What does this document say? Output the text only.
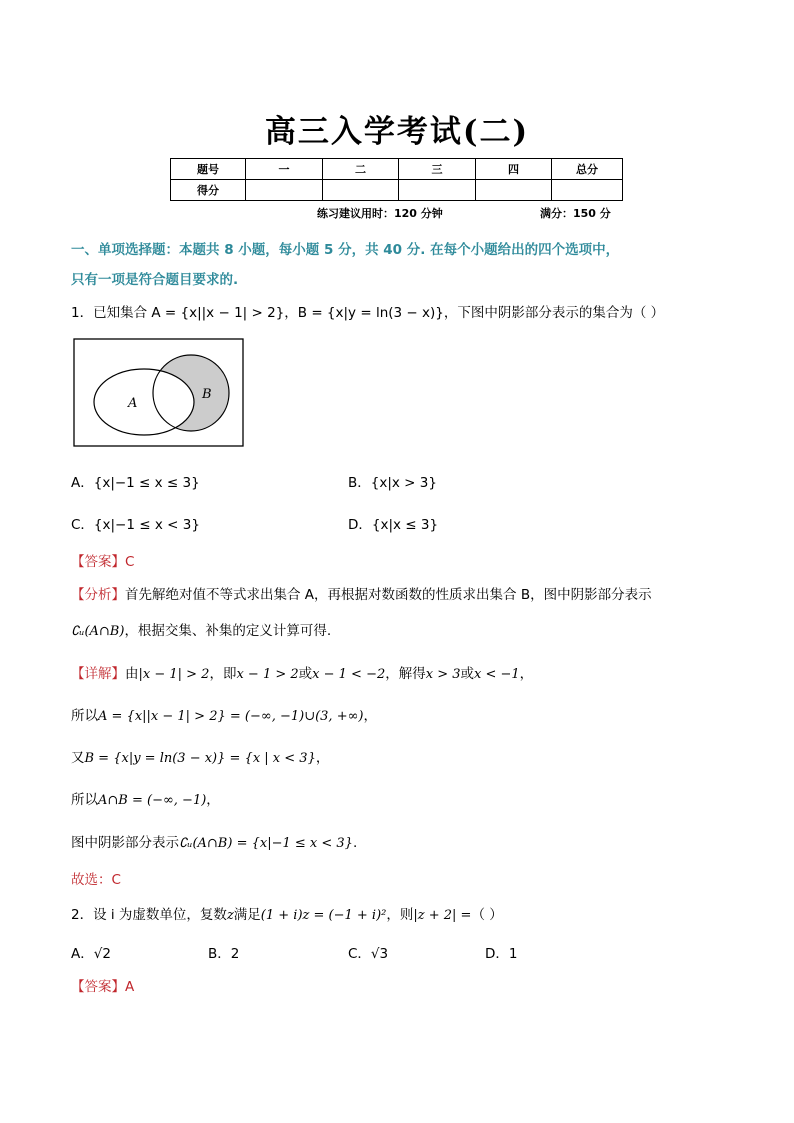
高三入学考试(二)
题号	一	二	三	四	总分
得分					
练习建议用时：120 分钟	满分：150 分
一、单项选择题：本题共 8 小题，每小题 5 分，共 40 分. 在每个小题给出的四个选项中，
只有一项是符合题目要求的.
1．已知集合 A = {x||x − 1| > 2}，B = {x|y = ln(3 − x)}，下图中阴影部分表示的集合为（ ）
A
B
A．{x|−1 ≤ x ≤ 3}	B．{x|x > 3}
C．{x|−1 ≤ x < 3}	D．{x|x ≤ 3}
【答案】C
【分析】首先解绝对值不等式求出集合 A，再根据对数函数的性质求出集合 B，图中阴影部分表示
∁ᵤ(A∩B)，根据交集、补集的定义计算可得.
【详解】由|x − 1| > 2，即x − 1 > 2或x − 1 < −2，解得x > 3或x < −1，
所以A = {x||x − 1| > 2} = (−∞, −1)∪(3, +∞)，
又B = {x|y = ln(3 − x)} = {x | x < 3}，
所以A∩B = (−∞, −1)，
图中阴影部分表示∁ᵤ(A∩B) = {x|−1 ≤ x < 3}.
故选：C
2．设 i 为虚数单位，复数z满足(1 + i)z = (−1 + i)²，则|z + 2| =（ ）
A．√2	B．2	C．√3	D．1
【答案】A
